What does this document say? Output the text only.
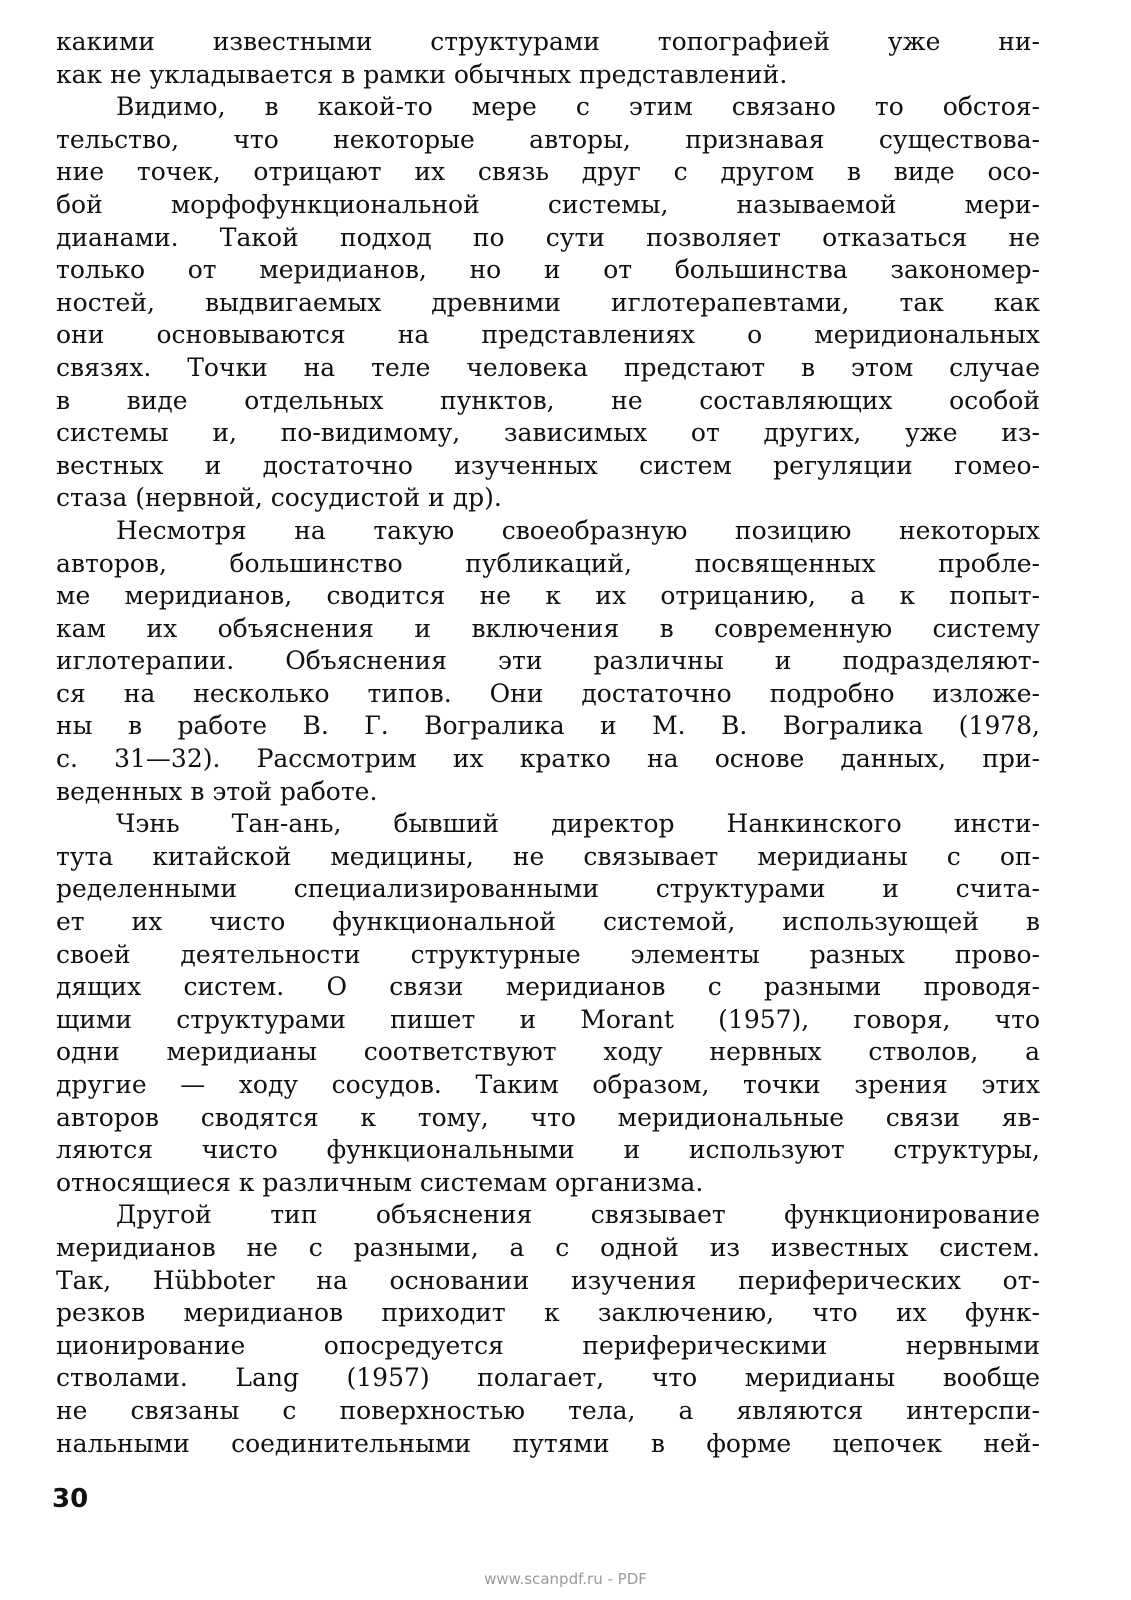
какими известными структурами топографией уже ни-
как не укладывается в рамки обычных представлений.
Видимо, в какой-то мере с этим связано то обстоя-
тельство, что некоторые авторы, признавая существова-
ние точек, отрицают их связь друг с другом в виде осо-
бой морфофункциональной системы, называемой мери-
дианами. Такой подход по сути позволяет отказаться не
только от меридианов, но и от большинства закономер-
ностей, выдвигаемых древними иглотерапевтами, так как
они основываются на представлениях о меридиональных
связях. Точки на теле человека предстают в этом случае
в виде отдельных пунктов, не составляющих особой
системы и, по-видимому, зависимых от других, уже из-
вестных и достаточно изученных систем регуляции гомео-
стаза (нервной, сосудистой и др).
Несмотря на такую своеобразную позицию некоторых
авторов, большинство публикаций, посвященных пробле-
ме меридианов, сводится не к их отрицанию, а к попыт-
кам их объяснения и включения в современную систему
иглотерапии. Объяснения эти различны и подразделяют-
ся на несколько типов. Они достаточно подробно изложе-
ны в работе В. Г. Вогралика и М. В. Вогралика (1978,
с. 31—32). Рассмотрим их кратко на основе данных, при-
веденных в этой работе.
Чэнь Тан-ань, бывший директор Нанкинского инсти-
тута китайской медицины, не связывает меридианы с оп-
ределенными специализированными структурами и счита-
ет их чисто функциональной системой, использующей в
своей деятельности структурные элементы разных прово-
дящих систем. О связи меридианов с разными проводя-
щими структурами пишет и Morant (1957), говоря, что
одни меридианы соответствуют ходу нервных стволов, а
другие — ходу сосудов. Таким образом, точки зрения этих
авторов сводятся к тому, что меридиональные связи яв-
ляются чисто функциональными и используют структуры,
относящиеся к различным системам организма.
Другой тип объяснения связывает функционирование
меридианов не с разными, а с одной из известных систем.
Так, Hübboter на основании изучения периферических от-
резков меридианов приходит к заключению, что их функ-
ционирование опосредуется периферическими нервными
стволами. Lang (1957) полагает, что меридианы вообще
не связаны с поверхностью тела, а являются интерспи-
нальными соединительными путями в форме цепочек ней-
30
www.scanpdf.ru - PDF
